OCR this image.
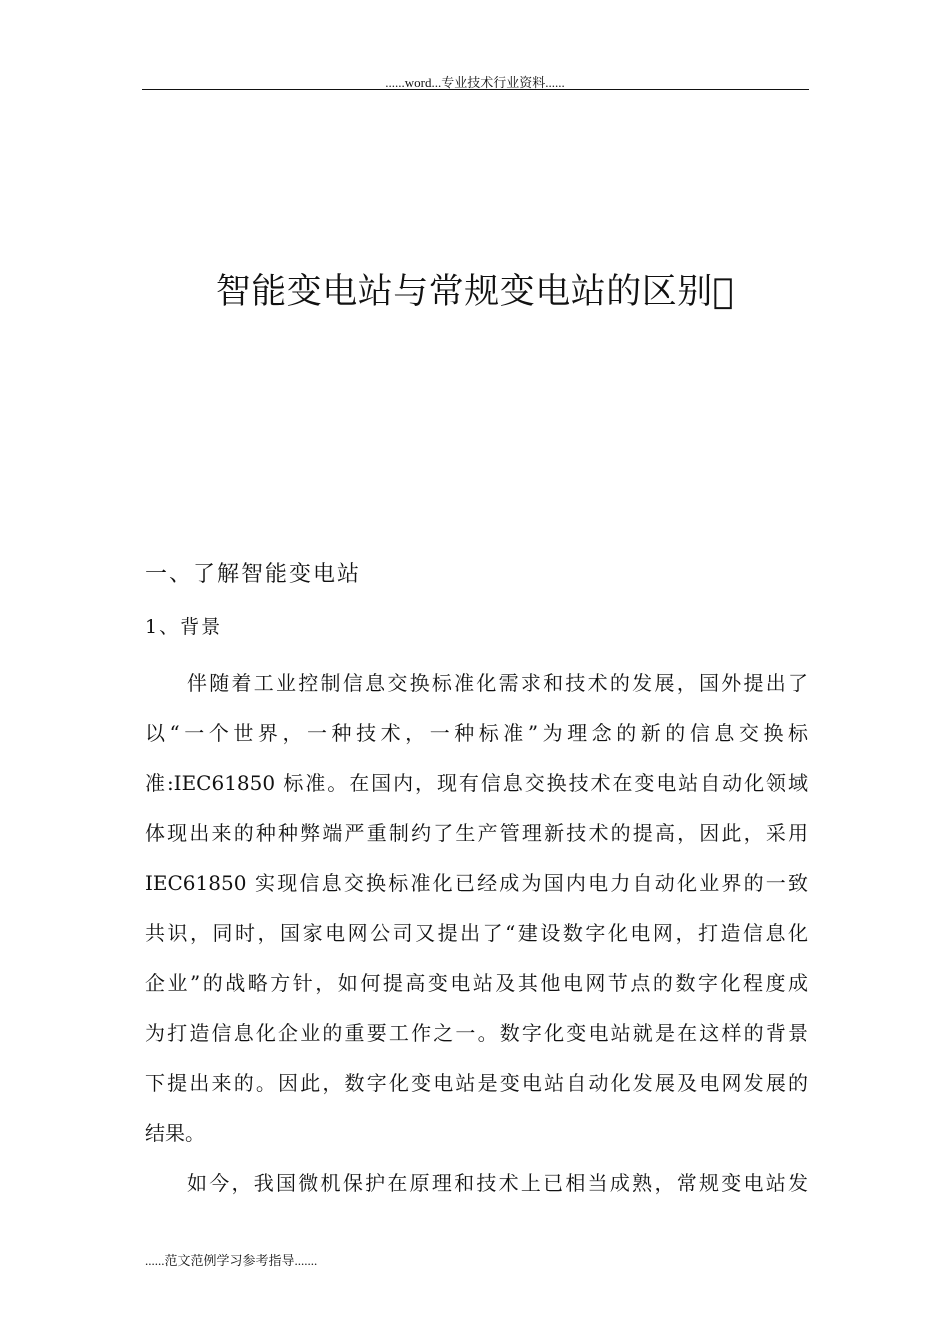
......word...专业技术行业资料......
智能变电站与常规变电站的区别 
一、了解智能变电站
1、背景
伴随着工业控制信息交换标准化需求和技术的发展，国外提出了
以“一个世界，一种技术，一种标准”为理念的新的信息交换标
准:IEC61850 标准。在国内，现有信息交换技术在变电站自动化领域
体现出来的种种弊端严重制约了生产管理新技术的提高，因此，采用
IEC61850 实现信息交换标准化已经成为国内电力自动化业界的一致
共识，同时，国家电网公司又提出了“建设数字化电网，打造信息化
企业”的战略方针，如何提高变电站及其他电网节点的数字化程度成
为打造信息化企业的重要工作之一。数字化变电站就是在这样的背景
下提出来的。因此，数字化变电站是变电站自动化发展及电网发展的
结果。
如今，我国微机保护在原理和技术上已相当成熟，常规变电站发
......范文范例学习参考指导.......
